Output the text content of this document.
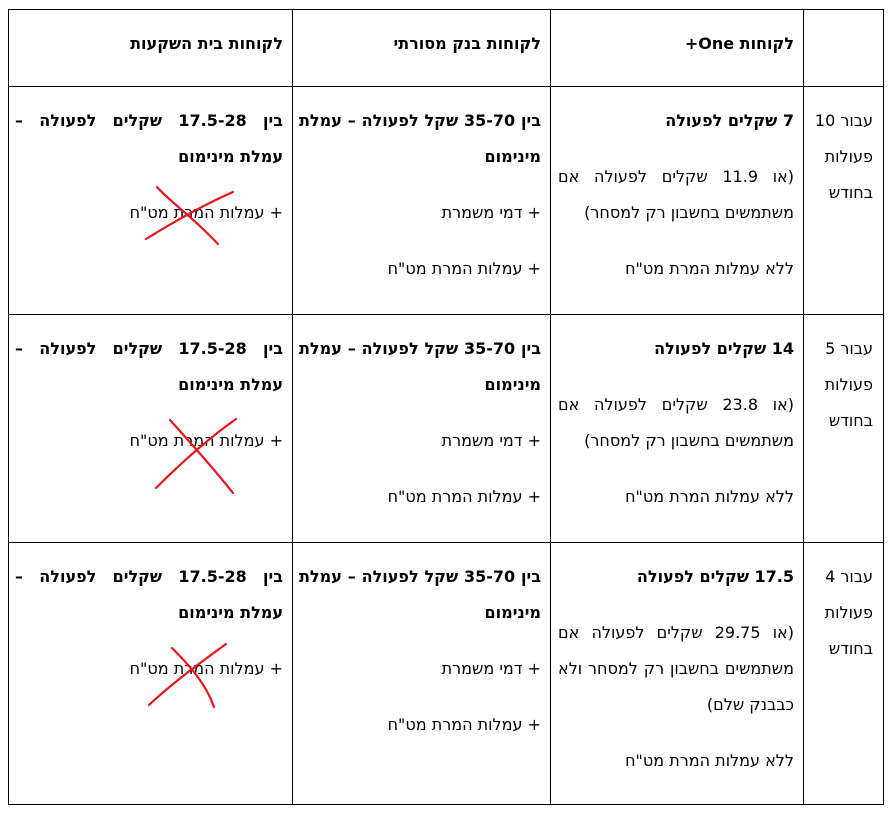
לקוחות One+

לקוחות בנק מסורתי

לקוחות בית השקעות

עבור 10

פעולות

בחודש

7 שקלים לפעולה

(או 11.9 שקלים לפעולה אם משתמשים בחשבון רק למסחר)

ללא עמלות המרת מט"ח

בין 35-70 שקל לפעולה – עמלת מינימום

+ דמי משמרת

+ עמלות המרת מט"ח

בין 17.5-28 שקלים לפעולה – עמלת מינימום

+ עמלות המרת מט"ח

עבור 5

פעולות

בחודש

14 שקלים לפעולה

(או 23.8 שקלים לפעולה אם משתמשים בחשבון רק למסחר)

ללא עמלות המרת מט"ח

בין 35-70 שקל לפעולה – עמלת מינימום

+ דמי משמרת

+ עמלות המרת מט"ח

בין 17.5-28 שקלים לפעולה – עמלת מינימום

+ עמלות המרת מט"ח

עבור 4

פעולות

בחודש

17.5 שקלים לפעולה

(או 29.75 שקלים לפעולה אם משתמשים בחשבון רק למסחר ולא כבבנק שלם)

ללא עמלות המרת מט"ח

בין 35-70 שקל לפעולה – עמלת מינימום

+ דמי משמרת

+ עמלות המרת מט"ח

בין 17.5-28 שקלים לפעולה – עמלת מינימום

+ עמלות המרת מט"ח
